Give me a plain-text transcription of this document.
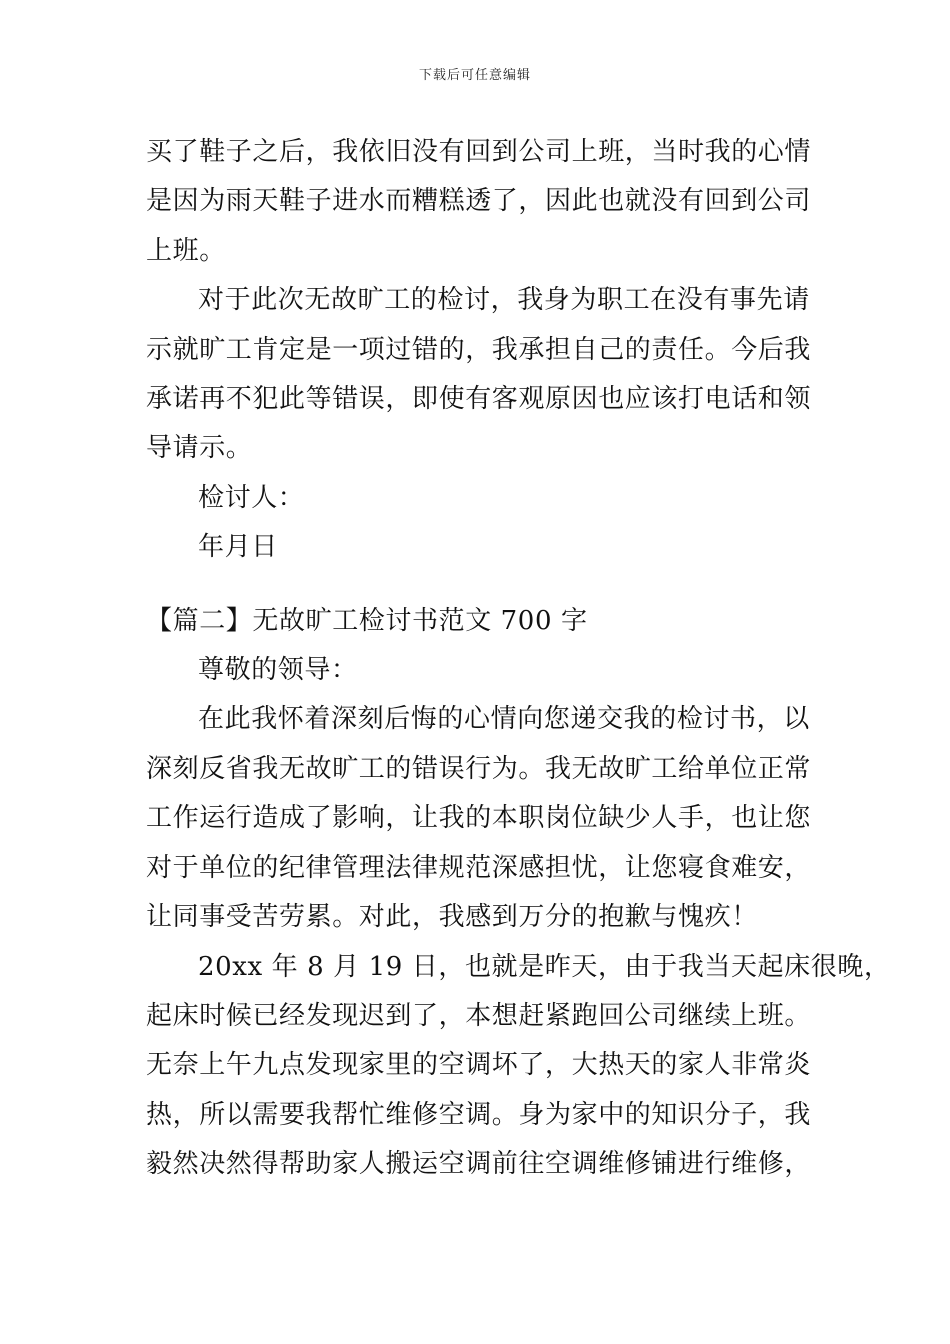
下载后可任意编辑

买了鞋子之后，我依旧没有回到公司上班，当时我的心情
是因为雨天鞋子进水而糟糕透了，因此也就没有回到公司
上班。

对于此次无故旷工的检讨，我身为职工在没有事先请
示就旷工肯定是一项过错的，我承担自己的责任。今后我
承诺再不犯此等错误，即使有客观原因也应该打电话和领
导请示。

检讨人：

年月日

【篇二】无故旷工检讨书范文 700 字

尊敬的领导：

在此我怀着深刻后悔的心情向您递交我的检讨书，以
深刻反省我无故旷工的错误行为。我无故旷工给单位正常
工作运行造成了影响，让我的本职岗位缺少人手，也让您
对于单位的纪律管理法律规范深感担忧，让您寝食难安，
让同事受苦劳累。对此，我感到万分的抱歉与愧疚！

20xx 年 8 月 19 日，也就是昨天，由于我当天起床很晚，
起床时候已经发现迟到了，本想赶紧跑回公司继续上班。
无奈上午九点发现家里的空调坏了，大热天的家人非常炎
热，所以需要我帮忙维修空调。身为家中的知识分子，我
毅然决然得帮助家人搬运空调前往空调维修铺进行维修，
